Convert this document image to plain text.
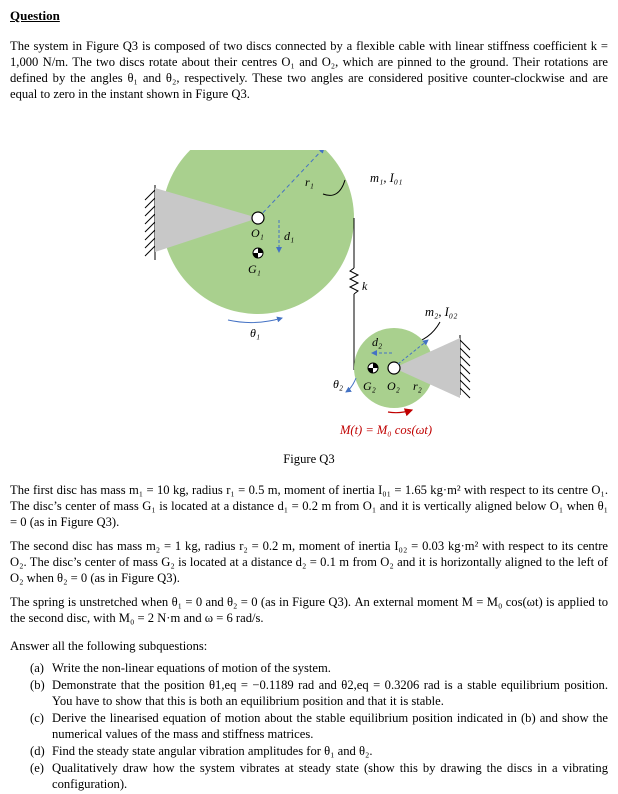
Question
The system in Figure Q3 is composed of two discs connected by a flexible cable with linear stiffness coefficient k = 1,000 N/m. The two discs rotate about their centres O₁ and O₂, which are pinned to the ground. Their rotations are defined by the angles θ₁ and θ₂, respectively. These two angles are considered positive counter-clockwise and are equal to zero in the instant shown in Figure Q3.
r₁	m₁, I₀₁
O₁ d₁
G₁
θ₁
k
m₂, I₀₂
d₂
G₂ O₂ r₂
θ₂
M(t) = M₀ cos(ωt)
Figure Q3
The first disc has mass m₁ = 10 kg, radius r₁ = 0.5 m, moment of inertia I₀₁ = 1.65 kg·m² with respect to its centre O₁. The disc’s center of mass G₁ is located at a distance d₁ = 0.2 m from O₁ and it is vertically aligned below O₁ when θ₁ = 0 (as in Figure Q3).
The second disc has mass m₂ = 1 kg, radius r₂ = 0.2 m, moment of inertia I₀₂ = 0.03 kg·m² with respect to its centre O₂. The disc’s center of mass G₂ is located at a distance d₂ = 0.1 m from O₂ and it is horizontally aligned to the left of O₂ when θ₂ = 0 (as in Figure Q3).
The spring is unstretched when θ₁ = 0 and θ₂ = 0 (as in Figure Q3). An external moment M = M₀ cos(ωt) is applied to the second disc, with M₀ = 2 N·m and ω = 6 rad/s.
Answer all the following subquestions:
(a) Write the non-linear equations of motion of the system.
(b) Demonstrate that the position θ1,eq = −0.1189 rad and θ2,eq = 0.3206 rad is a stable equilibrium position. You have to show that this is both an equilibrium position and that it is stable.
(c) Derive the linearised equation of motion about the stable equilibrium position indicated in (b) and show the numerical values of the mass and stiffness matrices.
(d) Find the steady state angular vibration amplitudes for θ₁ and θ₂.
(e) Qualitatively draw how the system vibrates at steady state (show this by drawing the discs in a vibrating configuration).
